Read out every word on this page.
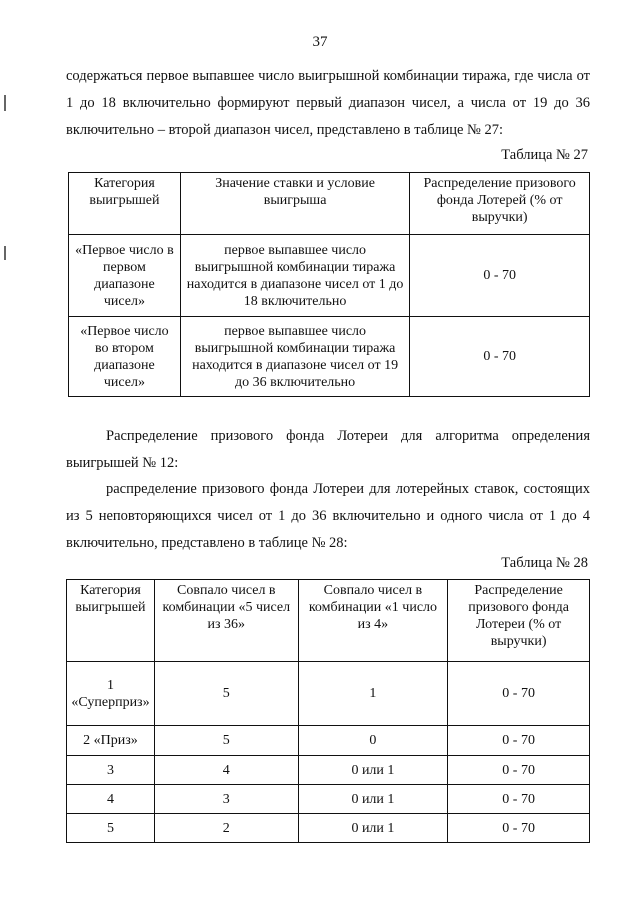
37
содержаться первое выпавшее число выигрышной комбинации тиража, где числа от 1 до 18 включительно формируют первый диапазон чисел, а числа от 19 до 36 включительно – второй диапазон чисел, представлено в таблице № 27:
Таблица № 27
Категория выигрышей	Значение ставки и условие выигрыша	Распределение призового фонда Лотерей (% от выручки)
«Первое число в первом диапазоне чисел»	первое выпавшее число выигрышной комбинации тиража находится в диапазоне чисел от 1 до 18 включительно	0 - 70
«Первое число во втором диапазоне чисел»	первое выпавшее число выигрышной комбинации тиража находится в диапазоне чисел от 19 до 36 включительно	0 - 70
Распределение призового фонда Лотереи для алгоритма определения выигрышей № 12:
распределение призового фонда Лотереи для лотерейных ставок, состоящих из 5 неповторяющихся чисел от 1 до 36 включительно и одного числа от 1 до 4 включительно, представлено в таблице № 28:
Таблица № 28
Категория выигрышей	Совпало чисел в комбинации «5 чисел из 36»	Совпало чисел в комбинации «1 число из 4»	Распределение призового фонда Лотереи (% от выручки)
1 «Суперприз»	5	1	0 - 70
2 «Приз»	5	0	0 - 70
3	4	0 или 1	0 - 70
4	3	0 или 1	0 - 70
5	2	0 или 1	0 - 70
